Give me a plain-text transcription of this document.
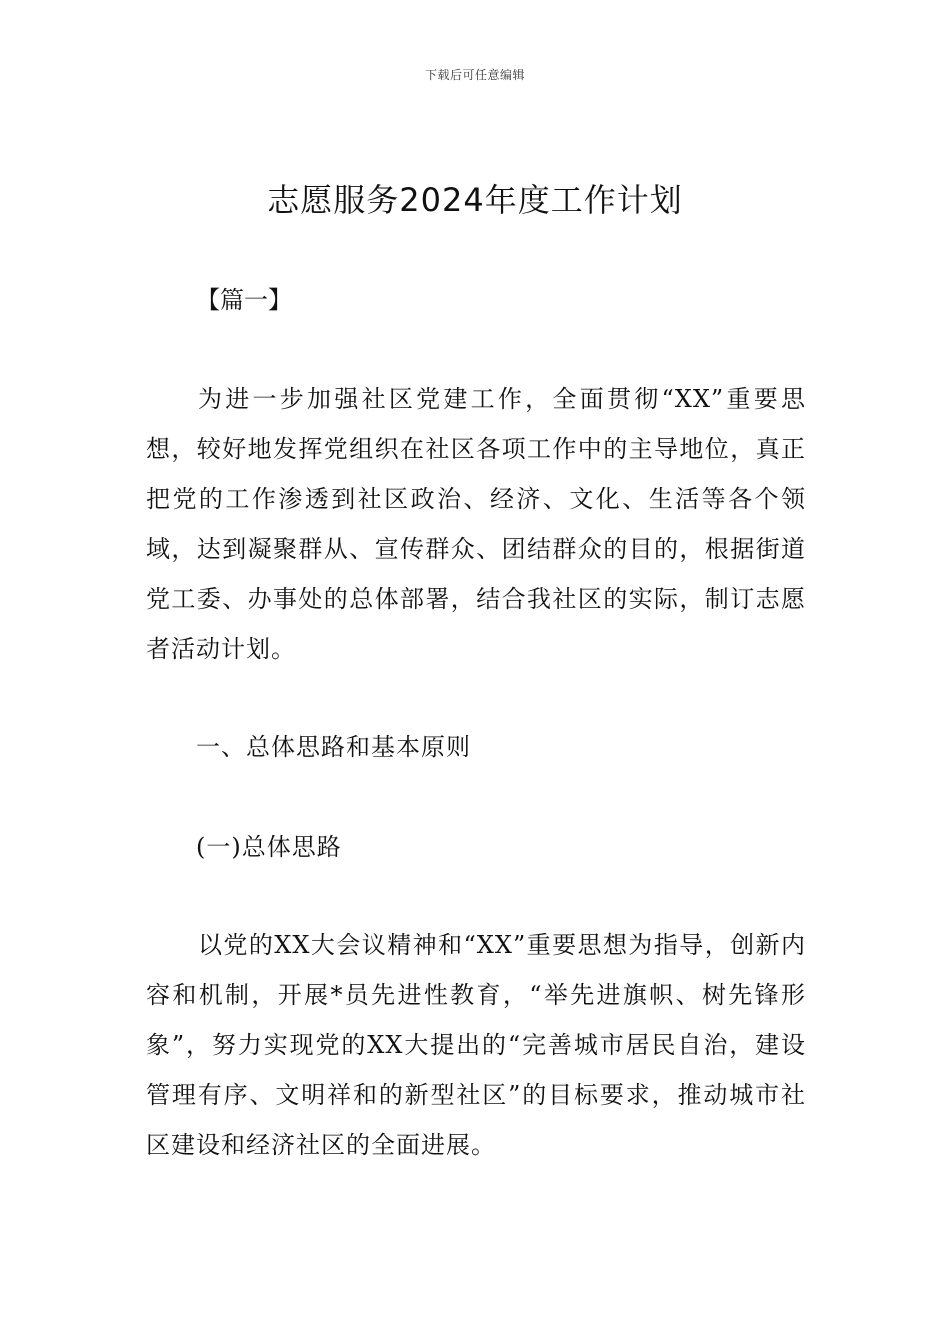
下载后可任意编辑
志愿服务2024年度工作计划
【篇一】

为进一步加强社区党建工作，全面贯彻“XX”重要思想，较好地发挥党组织在社区各项工作中的主导地位，真正把党的工作渗透到社区政治、经济、文化、生活等各个领域，达到凝聚群从、宣传群众、团结群众的目的，根据街道党工委、办事处的总体部署，结合我社区的实际，制订志愿者活动计划。

一、总体思路和基本原则

(一)总体思路

以党的XX大会议精神和“XX”重要思想为指导，创新内容和机制，开展*员先进性教育，“举先进旗帜、树先锋形象”，努力实现党的XX大提出的“完善城市居民自治，建设管理有序、文明祥和的新型社区”的目标要求，推动城市社区建设和经济社区的全面进展。
